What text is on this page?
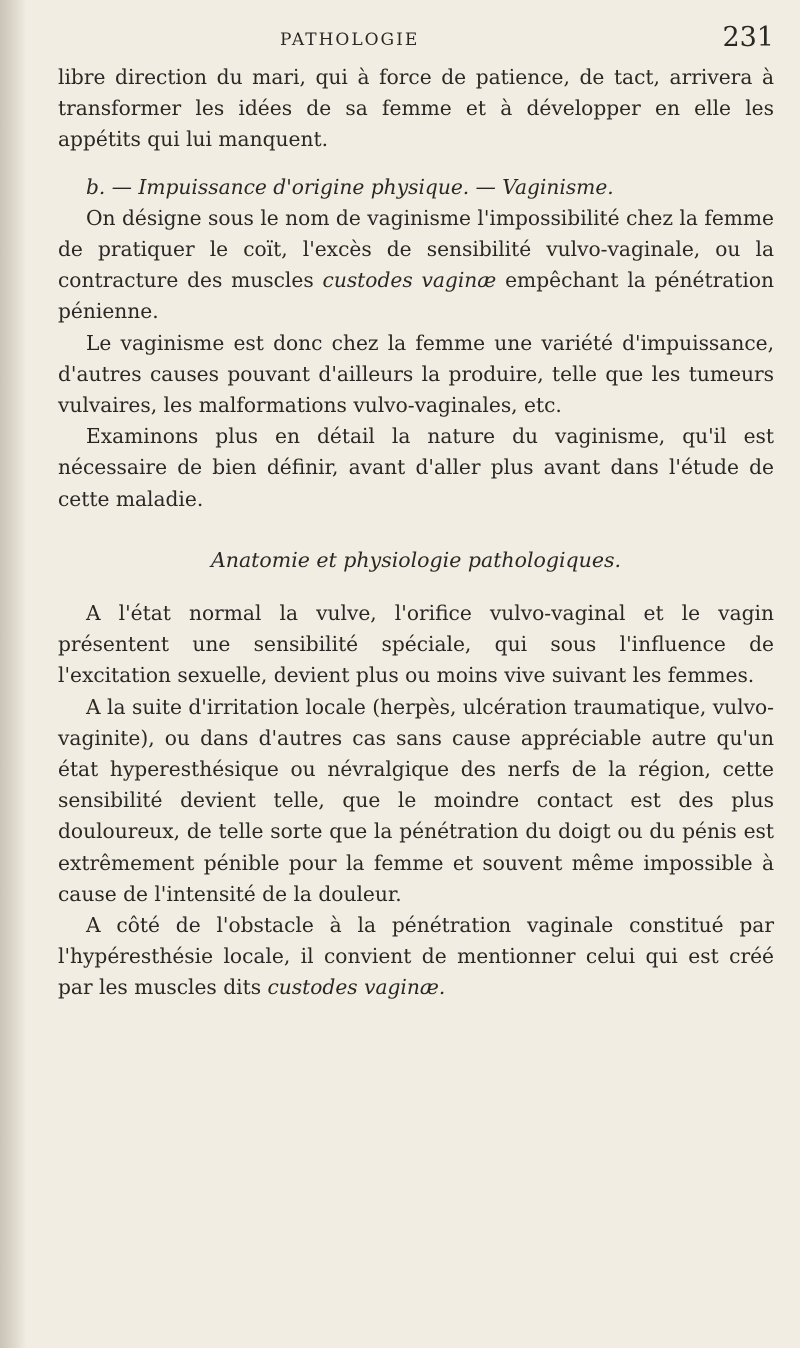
PATHOLOGIE	231

libre direction du mari, qui à force de patience, de tact, arrivera à transformer les idées de sa femme et à développer en elle les appétits qui lui manquent.

b. — Impuissance d'origine physique. — Vaginisme.

On désigne sous le nom de vaginisme l'impossibilité chez la femme de pratiquer le coït, l'excès de sensibilité vulvo-vaginale, ou la contracture des muscles custodes vaginæ empêchant la pénétration pénienne.

Le vaginisme est donc chez la femme une variété d'impuissance, d'autres causes pouvant d'ailleurs la produire, telle que les tumeurs vulvaires, les malformations vulvo-vaginales, etc.

Examinons plus en détail la nature du vaginisme, qu'il est nécessaire de bien définir, avant d'aller plus avant dans l'étude de cette maladie.

Anatomie et physiologie pathologiques.

A l'état normal la vulve, l'orifice vulvo-vaginal et le vagin présentent une sensibilité spéciale, qui sous l'influence de l'excitation sexuelle, devient plus ou moins vive suivant les femmes.

A la suite d'irritation locale (herpès, ulcération traumatique, vulvo-vaginite), ou dans d'autres cas sans cause appréciable autre qu'un état hyperesthésique ou névralgique des nerfs de la région, cette sensibilité devient telle, que le moindre contact est des plus douloureux, de telle sorte que la pénétration du doigt ou du pénis est extrêmement pénible pour la femme et souvent même impossible à cause de l'intensité de la douleur.

A côté de l'obstacle à la pénétration vaginale constitué par l'hypéresthésie locale, il convient de mentionner celui qui est créé par les muscles dits custodes vaginæ.
